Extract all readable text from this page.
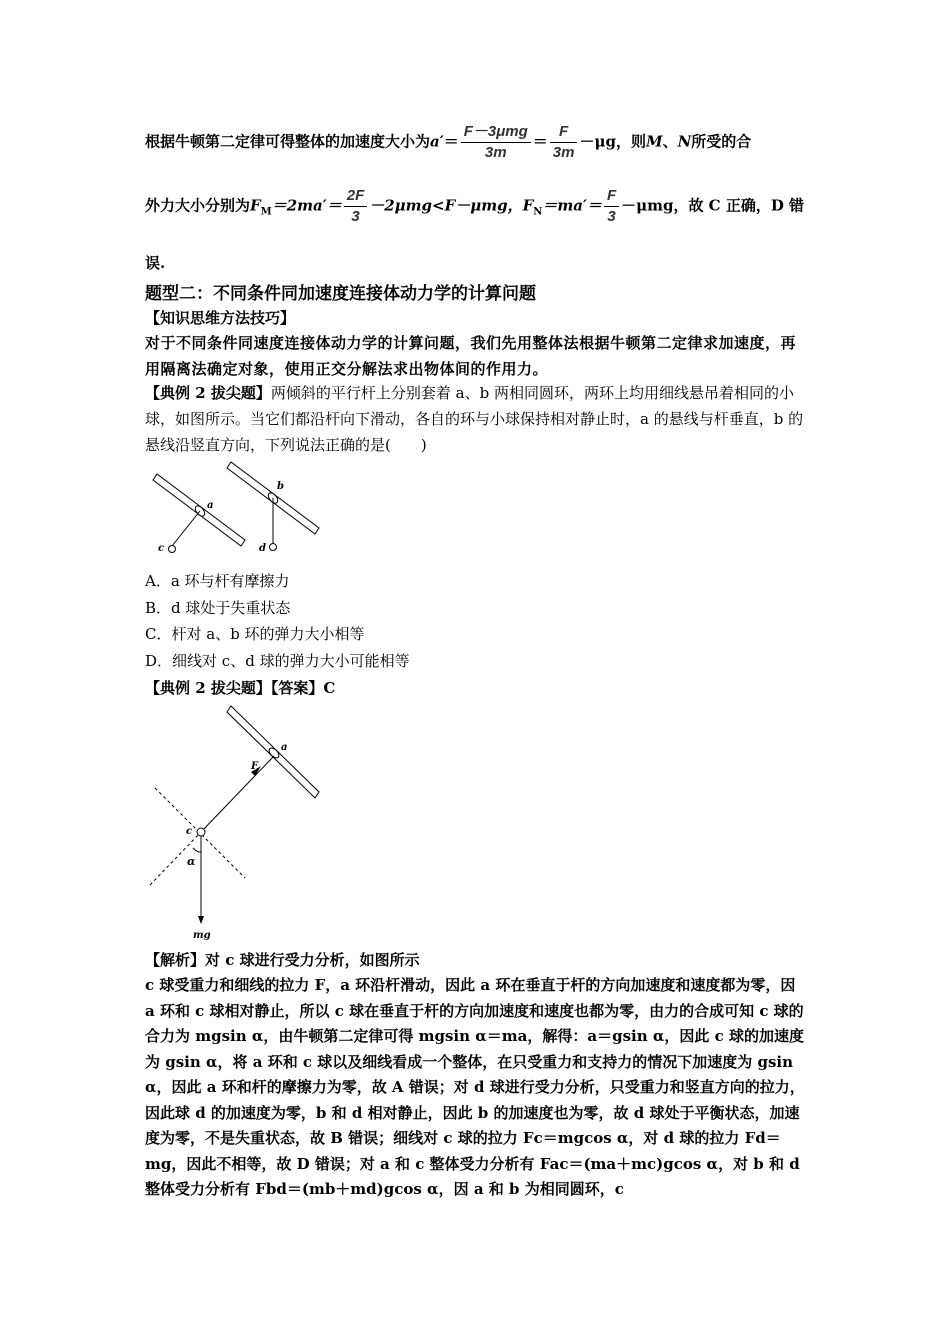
根据牛顿第二定律可得整体的加速度大小为$a'= \frac{\text{F－3μmg}}{3m} = \frac{F}{3m} -\mu g$，则M、N所受的合
外力大小分别为$F_M=2ma'= \frac{2F}{3} -2\mu mg<F-\mu mg$，$F_N=ma'= \frac{F}{3} -\mu mg$，故 C 正确，D 错
误.
题型二：不同条件同加速度连接体动力学的计算问题
【知识思维方法技巧】
对于不同条件同速度连接体动力学的计算问题，我们先用整体法根据牛顿第二定律求加速度，再用隔离法确定对象，使用正交分解法求出物体间的作用力。
【典例 2 拔尖题】两倾斜的平行杆上分别套着 a、b 两相同圆环，两环上均用细线悬吊着相同的小球，如图所示。当它们都沿杆向下滑动，各自的环与小球保持相对静止时，a 的悬线与杆垂直，b 的悬线沿竖直方向，下列说法正确的是(　　)
a
b
c	d
A．a 环与杆有摩擦力
B．d 球处于失重状态
C．杆对 a、b 环的弹力大小相等
D．细线对 c、d 球的弹力大小可能相等
【典例 2 拔尖题】【答案】C
a
F
c
α
mg
【解析】对 c 球进行受力分析，如图所示
c 球受重力和细线的拉力 F，a 环沿杆滑动，因此 a 环在垂直于杆的方向加速度和速度都为零，因 a 环和 c 球相对静止，所以 c 球在垂直于杆的方向加速度和速度也都为零，由力的合成可知 c 球的合力为 mgsin α，由牛顿第二定律可得 mgsin α＝ma，解得：a＝gsin α，因此 c 球的加速度为 gsin α，将 a 环和 c 球以及细线看成一个整体，在只受重力和支持力的情况下加速度为 gsin α，因此 a 环和杆的摩擦力为零，故 A 错误；对 d 球进行受力分析，只受重力和竖直方向的拉力，因此球 d 的加速度为零，b 和 d 相对静止，因此 b 的加速度也为零，故 d 球处于平衡状态，加速度为零，不是失重状态，故 B 错误；细线对 c 球的拉力 Fc＝mgcos α，对 d 球的拉力 Fd＝mg，因此不相等，故 D 错误；对 a 和 c 整体受力分析有 Fac＝(ma＋mc)gcos α，对 b 和 d 整体受力分析有 Fbd＝(mb＋md)gcos α，因 a 和 b 为相同圆环，c
